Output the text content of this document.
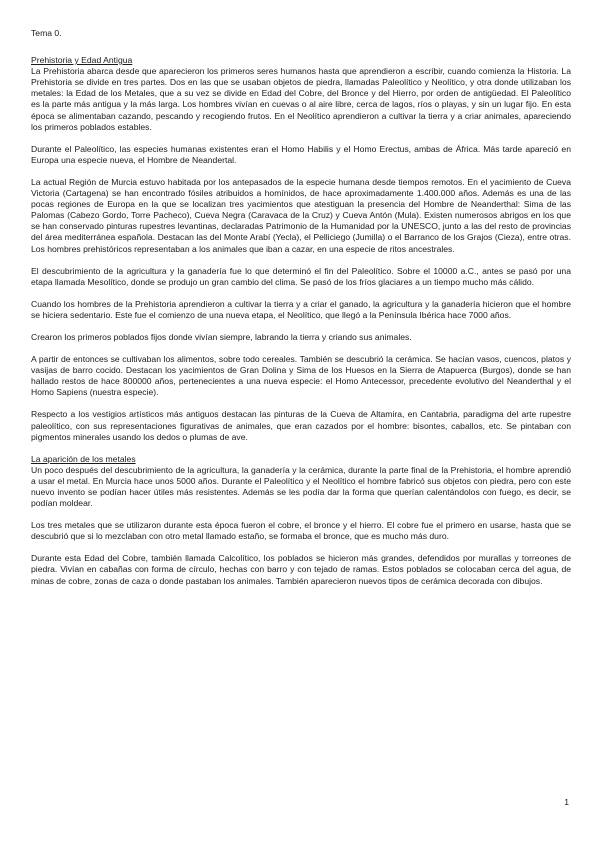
Tema 0.
Prehistoria y Edad Antigua

La Prehistoria abarca desde que aparecieron los primeros seres humanos hasta que aprendieron a escribir, cuando comienza la Historia. La Prehistoria se divide en tres partes. Dos en las que se usaban objetos de piedra, llamadas Paleolítico y Neolítico, y otra donde utilizaban los metales: la Edad de los Metales, que a su vez se divide en Edad del Cobre, del Bronce y del Hierro, por orden de antigüedad. El Paleolítico es la parte más antigua y la más larga. Los hombres vivían en cuevas o al aire libre, cerca de lagos, ríos o playas, y sin un lugar fijo. En esta época se alimentaban cazando, pescando y recogiendo frutos. En el Neolítico aprendieron a cultivar la tierra y a criar animales, apareciendo los primeros poblados estables.

Durante el Paleolítico, las especies humanas existentes eran el Homo Habilis y el Homo Erectus, ambas de África. Más tarde apareció en Europa una especie nueva, el Hombre de Neandertal.

La actual Región de Murcia estuvo habitada por los antepasados de la especie humana desde tiempos remotos. En el yacimiento de Cueva Victoria (Cartagena) se han encontrado fósiles atribuidos a homínidos, de hace aproximadamente 1.400.000 años. Además es una de las pocas regiones de Europa en la que se localizan tres yacimientos que atestiguan la presencia del Hombre de Neanderthal: Sima de las Palomas (Cabezo Gordo, Torre Pacheco), Cueva Negra (Caravaca de la Cruz) y Cueva Antón (Mula). Existen numerosos abrigos en los que se han conservado pinturas rupestres levantinas, declaradas Patrimonio de la Humanidad por la UNESCO, junto a las del resto de provincias del área mediterránea española. Destacan las del Monte Arabí (Yecla), el Pelliciego (Jumilla) o el Barranco de los Grajos (Cieza), entre otras. Los hombres prehistóricos representaban a los animales que iban a cazar, en una especie de ritos ancestrales.

El descubrimiento de la agricultura y la ganadería fue lo que determinó el fin del Paleolítico. Sobre el 10000 a.C., antes se pasó por una etapa llamada Mesolítico, donde se produjo un gran cambio del clima. Se pasó de los fríos glaciares a un tiempo mucho más cálido.

Cuando los hombres de la Prehistoria aprendieron a cultivar la tierra y a criar el ganado, la agricultura y la ganadería hicieron que el hombre se hiciera sedentario. Este fue el comienzo de una nueva etapa, el Neolítico, que llegó a la Península Ibérica hace 7000 años.

Crearon los primeros poblados fijos donde vivían siempre, labrando la tierra y criando sus animales.

A partir de entonces se cultivaban los alimentos, sobre todo cereales. También se descubrió la cerámica. Se hacían vasos, cuencos, platos y vasijas de barro cocido. Destacan los yacimientos de Gran Dolina y Sima de los Huesos en la Sierra de Atapuerca (Burgos), donde se han hallado restos de hace 800000 años, pertenecientes a una nueva especie: el Homo Antecessor, precedente evolutivo del Neanderthal y el Homo Sapiens (nuestra especie).

Respecto a los vestigios artísticos más antiguos destacan las pinturas de la Cueva de Altamira, en Cantabria, paradigma del arte rupestre paleolítico, con sus representaciones figurativas de animales, que eran cazados por el hombre: bisontes, caballos, etc. Se pintaban con pigmentos minerales usando los dedos o plumas de ave.

La aparición de los metales

Un poco después del descubrimiento de la agricultura, la ganadería y la cerámica, durante la parte final de la Prehistoria, el hombre aprendió a usar el metal. En Murcia hace unos 5000 años. Durante el Paleolítico y el Neolítico el hombre fabricó sus objetos con piedra, pero con este nuevo invento se podían hacer útiles más resistentes. Además se les podía dar la forma que querían calentándolos con fuego, es decir, se podían moldear.

Los tres metales que se utilizaron durante esta época fueron el cobre, el bronce y el hierro. El cobre fue el primero en usarse, hasta que se descubrió que si lo mezclaban con otro metal llamado estaño, se formaba el bronce, que es mucho más duro.

Durante esta Edad del Cobre, también llamada Calcolítico, los poblados se hicieron más grandes, defendidos por murallas y torreones de piedra. Vivían en cabañas con forma de círculo, hechas con barro y con tejado de ramas. Estos poblados se colocaban cerca del agua, de minas de cobre, zonas de caza o donde pastaban los animales. También aparecieron nuevos tipos de cerámica decorada con dibujos.

1
